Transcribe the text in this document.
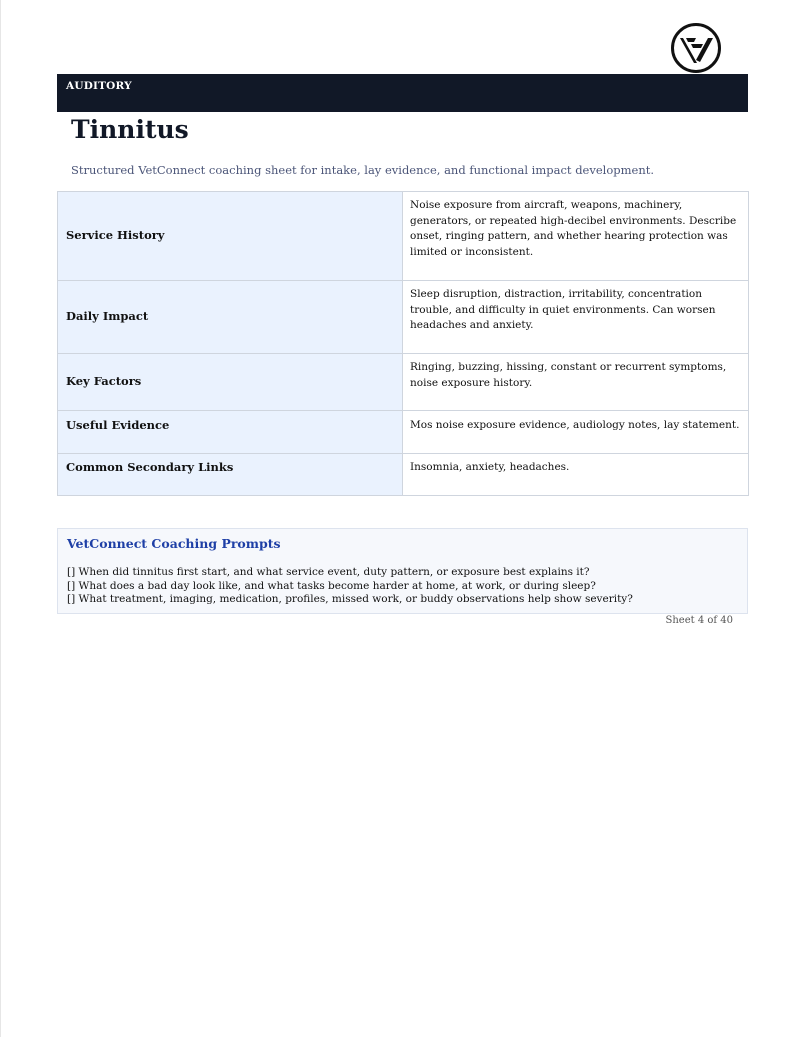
AUDITORY
Tinnitus
Structured VetConnect coaching sheet for intake, lay evidence, and functional impact development.
Service History	Noise exposure from aircraft, weapons, machinery, generators, or repeated high-decibel environments. Describe onset, ringing pattern, and whether hearing protection was limited or inconsistent.
Daily Impact	Sleep disruption, distraction, irritability, concentration trouble, and difficulty in quiet environments. Can worsen headaches and anxiety.
Key Factors	Ringing, buzzing, hissing, constant or recurrent symptoms, noise exposure history.
Useful Evidence	Mos noise exposure evidence, audiology notes, lay statement.
Common Secondary Links	Insomnia, anxiety, headaches.
VetConnect Coaching Prompts
[] When did tinnitus first start, and what service event, duty pattern, or exposure best explains it?
[] What does a bad day look like, and what tasks become harder at home, at work, or during sleep?
[] What treatment, imaging, medication, profiles, missed work, or buddy observations help show severity?
Sheet 4 of 40
